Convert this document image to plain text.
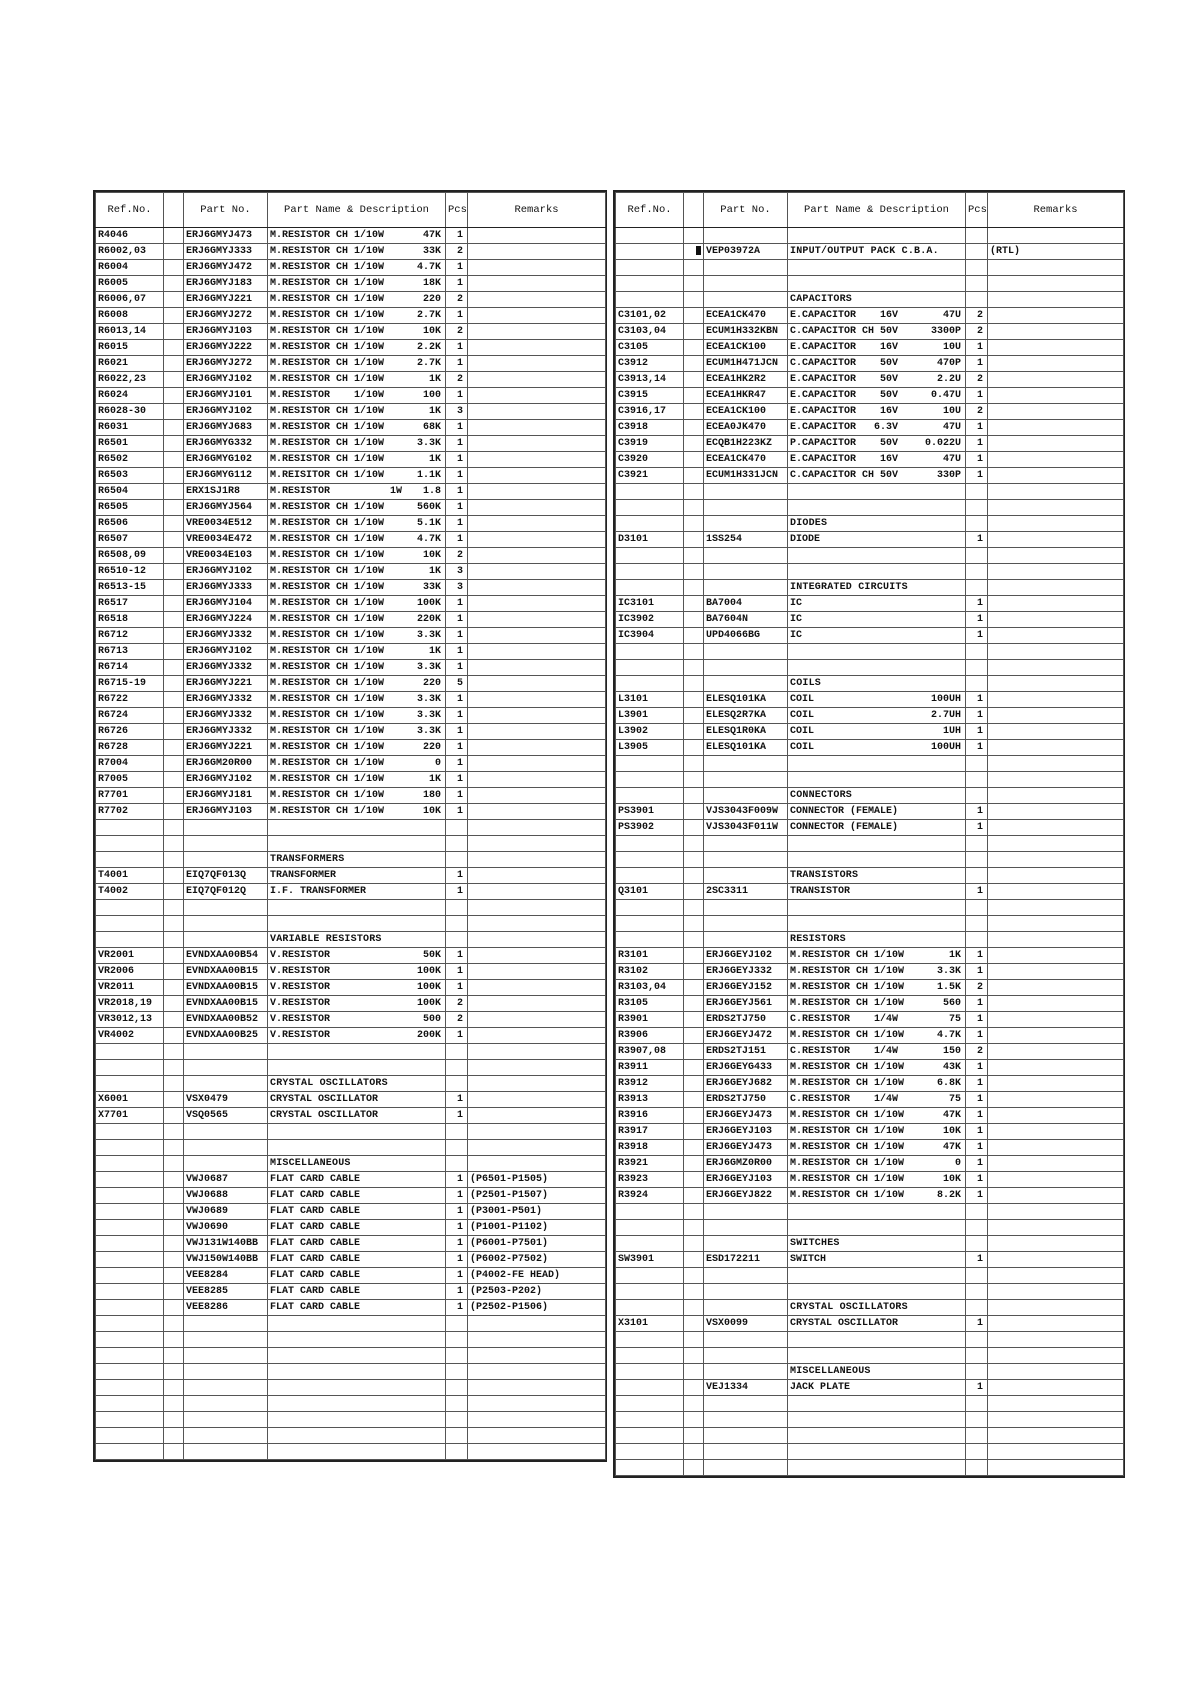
Ref.No.		Part No.	Part Name & Description	Pcs	Remarks
R4046		ERJ6GMYJ473	M.RESISTOR CH 1/10W 47K	1	
R6002,03		ERJ6GMYJ333	M.RESISTOR CH 1/10W 33K	2	
R6004		ERJ6GMYJ472	M.RESISTOR CH 1/10W 4.7K	1	
R6005		ERJ6GMYJ183	M.RESISTOR CH 1/10W 18K	1	
R6006,07		ERJ6GMYJ221	M.RESISTOR CH 1/10W 220	2	
R6008		ERJ6GMYJ272	M.RESISTOR CH 1/10W 2.7K	1	
R6013,14		ERJ6GMYJ103	M.RESISTOR CH 1/10W 10K	2	
R6015		ERJ6GMYJ222	M.RESISTOR CH 1/10W 2.2K	1	
R6021		ERJ6GMYJ272	M.RESISTOR CH 1/10W 2.7K	1	
R6022,23		ERJ6GMYJ102	M.RESISTOR CH 1/10W 1K	2	
R6024		ERJ6GMYJ101	M.RESISTOR    1/10W 100	1	
R6028-30		ERJ6GMYJ102	M.RESISTOR CH 1/10W 1K	3	
R6031		ERJ6GMYJ683	M.RESISTOR CH 1/10W 68K	1	
R6501		ERJ6GMYG332	M.RESISTOR CH 1/10W 3.3K	1	
R6502		ERJ6GMYG102	M.RESISTOR CH 1/10W 1K	1	
R6503		ERJ6GMYG112	M.REISITOR CH 1/10W 1.1K	1	
R6504		ERX1SJ1R8	M.RESISTOR          1W 1.8	1	
R6505		ERJ6GMYJ564	M.RESISTOR CH 1/10W 560K	1	
R6506		VRE0034E512	M.RESISTOR CH 1/10W 5.1K	1	
R6507		VRE0034E472	M.RESISTOR CH 1/10W 4.7K	1	
R6508,09		VRE0034E103	M.RESISTOR CH 1/10W 10K	2	
R6510-12		ERJ6GMYJ102	M.RESISTOR CH 1/10W 1K	3	
R6513-15		ERJ6GMYJ333	M.RESISTOR CH 1/10W 33K	3	
R6517		ERJ6GMYJ104	M.RESISTOR CH 1/10W 100K	1	
R6518		ERJ6GMYJ224	M.RESISTOR CH 1/10W 220K	1	
R6712		ERJ6GMYJ332	M.RESISTOR CH 1/10W 3.3K	1	
R6713		ERJ6GMYJ102	M.RESISTOR CH 1/10W 1K	1	
R6714		ERJ6GMYJ332	M.RESISTOR CH 1/10W 3.3K	1	
R6715-19		ERJ6GMYJ221	M.RESISTOR CH 1/10W 220	5	
R6722		ERJ6GMYJ332	M.RESISTOR CH 1/10W 3.3K	1	
R6724		ERJ6GMYJ332	M.RESISTOR CH 1/10W 3.3K	1	
R6726		ERJ6GMYJ332	M.RESISTOR CH 1/10W 3.3K	1	
R6728		ERJ6GMYJ221	M.RESISTOR CH 1/10W 220	1	
R7004		ERJ6GM20R00	M.RESISTOR CH 1/10W 0	1	
R7005		ERJ6GMYJ102	M.RESISTOR CH 1/10W 1K	1	
R7701		ERJ6GMYJ181	M.RESISTOR CH 1/10W 180	1	
R7702		ERJ6GMYJ103	M.RESISTOR CH 1/10W 10K	1	

			TRANSFORMERS		
T4001		EIQ7QF013Q	TRANSFORMER	1	
T4002		EIQ7QF012Q	I.F. TRANSFORMER	1	

			VARIABLE RESISTORS		
VR2001		EVNDXAA00B54	V.RESISTOR 50K	1	
VR2006		EVNDXAA00B15	V.RESISTOR 100K	1	
VR2011		EVNDXAA00B15	V.RESISTOR 100K	1	
VR2018,19		EVNDXAA00B15	V.RESISTOR 100K	2	
VR3012,13		EVNDXAA00B52	V.RESISTOR 500	2	
VR4002		EVNDXAA00B25	V.RESISTOR 200K	1	

			CRYSTAL OSCILLATORS		
X6001		VSX0479	CRYSTAL OSCILLATOR	1	
X7701		VSQ0565	CRYSTAL OSCILLATOR	1	

			MISCELLANEOUS		
		VWJ0687	FLAT CARD CABLE	1	(P6501-P1505)
		VWJ0688	FLAT CARD CABLE	1	(P2501-P1507)
		VWJ0689	FLAT CARD CABLE	1	(P3001-P501)
		VWJ0690	FLAT CARD CABLE	1	(P1001-P1102)
		VWJ131W140BB	FLAT CARD CABLE	1	(P6001-P7501)
		VWJ150W140BB	FLAT CARD CABLE	1	(P6002-P7502)
		VEE8284	FLAT CARD CABLE	1	(P4002-FE HEAD)
		VEE8285	FLAT CARD CABLE	1	(P2503-P202)
		VEE8286	FLAT CARD CABLE	1	(P2502-P1506)

Ref.No.		Part No.	Part Name & Description	Pcs	Remarks

		VEP03972A	INPUT/OUTPUT PACK C.B.A.		(RTL)

			CAPACITORS		
C3101,02		ECEA1CK470	E.CAPACITOR    16V 47U	2	
C3103,04		ECUM1H332KBN	C.CAPACITOR CH 50V 3300P	2	
C3105		ECEA1CK100	E.CAPACITOR    16V 10U	1	
C3912		ECUM1H471JCN	C.CAPACITOR    50V 470P	1	
C3913,14		ECEA1HK2R2	E.CAPACITOR    50V 2.2U	2	
C3915		ECEA1HKR47	E.CAPACITOR    50V 0.47U	1	
C3916,17		ECEA1CK100	E.CAPACITOR    16V 10U	2	
C3918		ECEA0JK470	E.CAPACITOR   6.3V 47U	1	
C3919		ECQB1H223KZ	P.CAPACITOR    50V 0.022U	1	
C3920		ECEA1CK470	E.CAPACITOR    16V 47U	1	
C3921		ECUM1H331JCN	C.CAPACITOR CH 50V 330P	1	

			DIODES		
D3101		1SS254	DIODE	1	

			INTEGRATED CIRCUITS		
IC3101		BA7004	IC	1	
IC3902		BA7604N	IC	1	
IC3904		UPD4066BG	IC	1	

			COILS		
L3101		ELESQ101KA	COIL 100UH	1	
L3901		ELESQ2R7KA	COIL 2.7UH	1	
L3902		ELESQ1R0KA	COIL 1UH	1	
L3905		ELESQ101KA	COIL 100UH	1	

			CONNECTORS		
PS3901		VJS3043F009W	CONNECTOR (FEMALE)	1	
PS3902		VJS3043F011W	CONNECTOR (FEMALE)	1	

			TRANSISTORS		
Q3101		2SC3311	TRANSISTOR	1	

			RESISTORS		
R3101		ERJ6GEYJ102	M.RESISTOR CH 1/10W 1K	1	
R3102		ERJ6GEYJ332	M.RESISTOR CH 1/10W 3.3K	1	
R3103,04		ERJ6GEYJ152	M.RESISTOR CH 1/10W 1.5K	2	
R3105		ERJ6GEYJ561	M.RESISTOR CH 1/10W 560	1	
R3901		ERDS2TJ750	C.RESISTOR    1/4W 75	1	
R3906		ERJ6GEYJ472	M.RESISTOR CH 1/10W 4.7K	1	
R3907,08		ERDS2TJ151	C.RESISTOR    1/4W 150	2	
R3911		ERJ6GEYG433	M.RESISTOR CH 1/10W 43K	1	
R3912		ERJ6GEYJ682	M.RESISTOR CH 1/10W 6.8K	1	
R3913		ERDS2TJ750	C.RESISTOR    1/4W 75	1	
R3916		ERJ6GEYJ473	M.RESISTOR CH 1/10W 47K	1	
R3917		ERJ6GEYJ103	M.RESISTOR CH 1/10W 10K	1	
R3918		ERJ6GEYJ473	M.RESISTOR CH 1/10W 47K	1	
R3921		ERJ6GMZ0R00	M.RESISTOR CH 1/10W 0	1	
R3923		ERJ6GEYJ103	M.RESISTOR CH 1/10W 10K	1	
R3924		ERJ6GEYJ822	M.RESISTOR CH 1/10W 8.2K	1	

			SWITCHES		
SW3901		ESD172211	SWITCH	1	

			CRYSTAL OSCILLATORS		
X3101		VSX0099	CRYSTAL OSCILLATOR	1	

			MISCELLANEOUS		
		VEJ1334	JACK PLATE	1	
